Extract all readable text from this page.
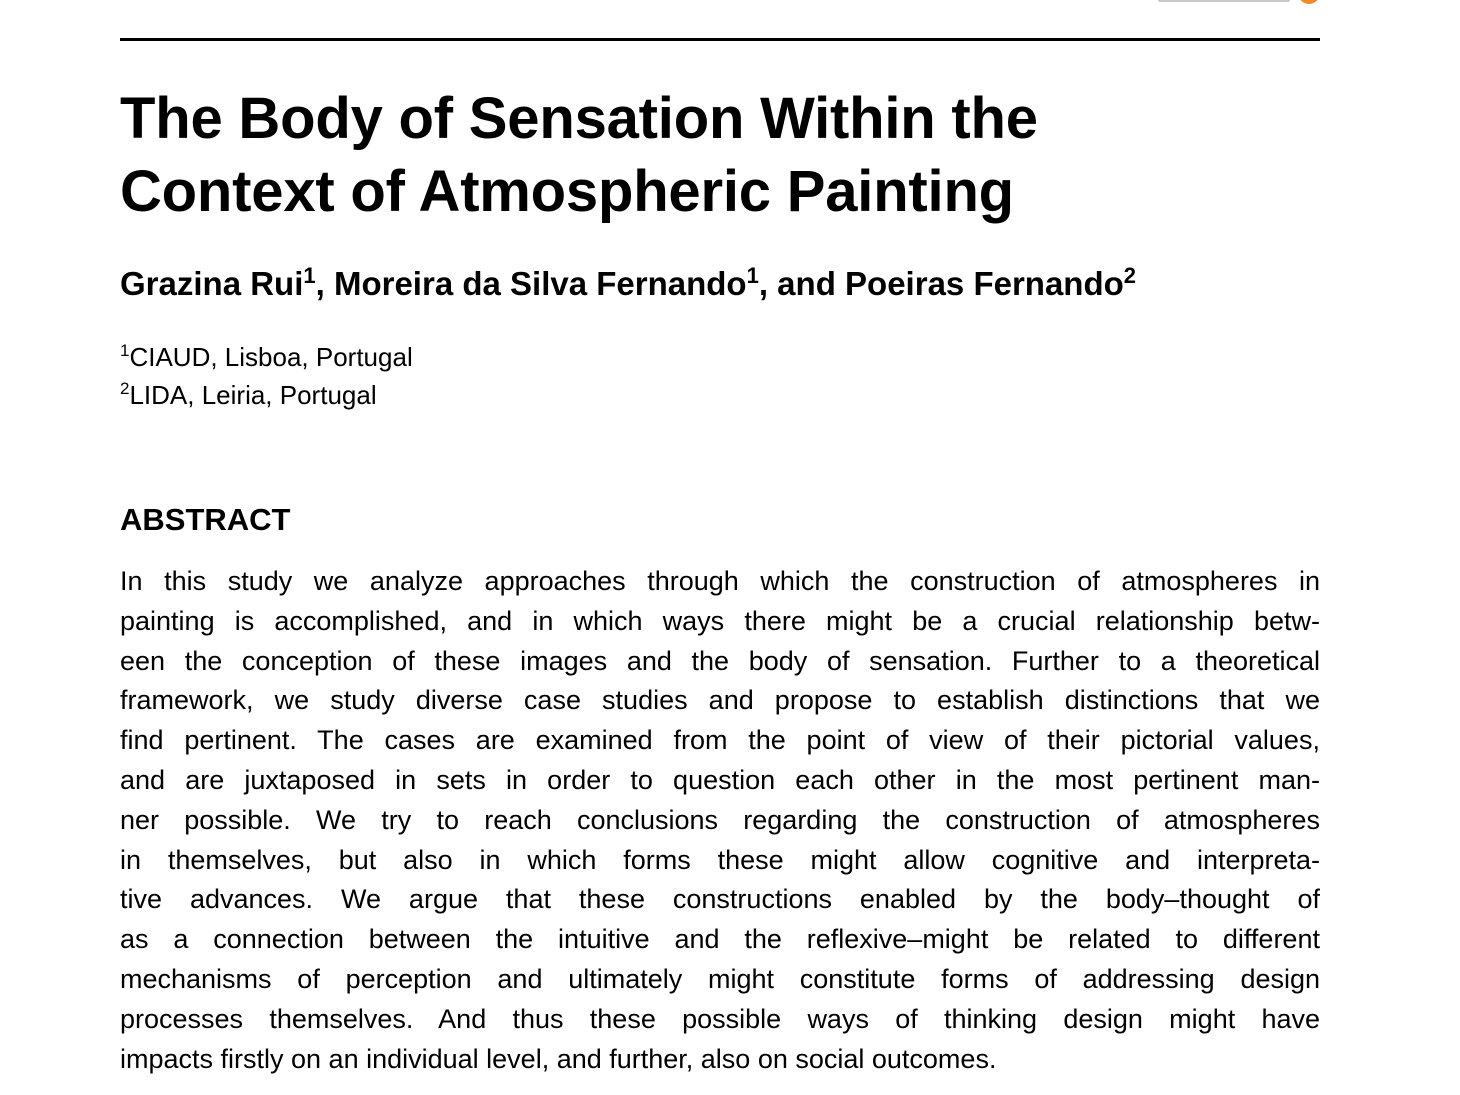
The Body of Sensation Within the
Context of Atmospheric Painting
Grazina Rui$^1$, Moreira da Silva Fernando$^1$, and Poeiras Fernando$^2$
$^1$CIAUD, Lisboa, Portugal
$^2$LIDA, Leiria, Portugal
ABSTRACT
In this study we analyze approaches through which the construction of atmospheres in
painting is accomplished, and in which ways there might be a crucial relationship betw-
een the conception of these images and the body of sensation. Further to a theoretical
framework, we study diverse case studies and propose to establish distinctions that we
find pertinent. The cases are examined from the point of view of their pictorial values,
and are juxtaposed in sets in order to question each other in the most pertinent man-
ner possible. We try to reach conclusions regarding the construction of atmospheres
in themselves, but also in which forms these might allow cognitive and interpreta-
tive advances. We argue that these constructions enabled by the body–thought of
as a connection between the intuitive and the reflexive–might be related to different
mechanisms of perception and ultimately might constitute forms of addressing design
processes themselves. And thus these possible ways of thinking design might have
impacts firstly on an individual level, and further, also on social outcomes.
